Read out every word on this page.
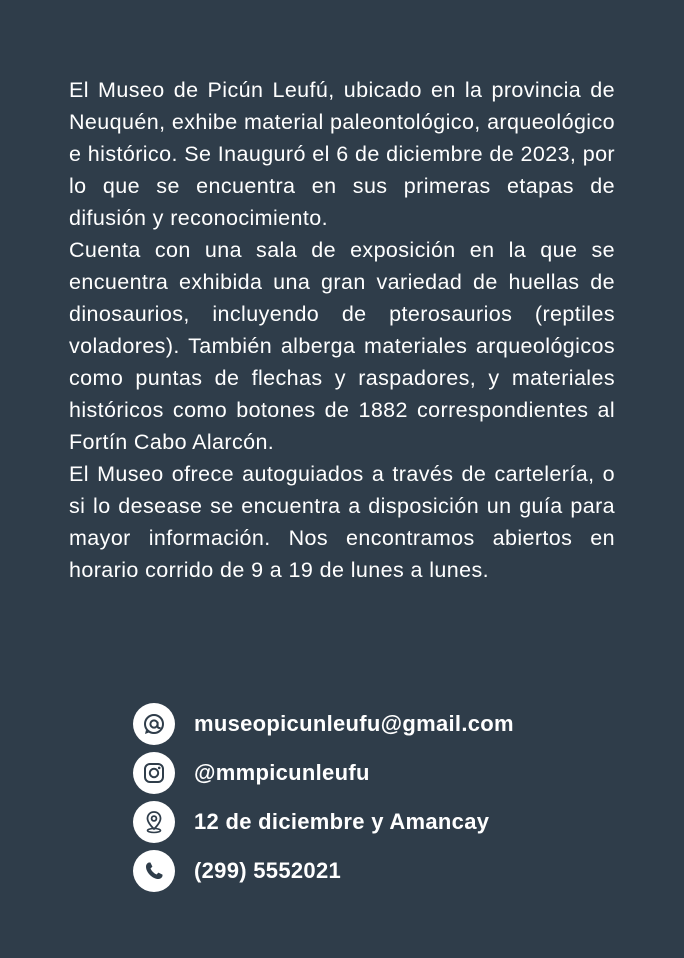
El Museo de Picún Leufú, ubicado en la provincia de Neuquén, exhibe material paleontológico, arqueológico e histórico. Se Inauguró el 6 de diciembre de 2023, por lo que se encuentra en sus primeras etapas de difusión y reconocimiento.

Cuenta con una sala de exposición en la que se encuentra exhibida una gran variedad de huellas de dinosaurios, incluyendo de pterosaurios (reptiles voladores). También alberga materiales arqueológicos como puntas de flechas y raspadores, y materiales históricos como botones de 1882 correspondientes al Fortín Cabo Alarcón.

El Museo ofrece autoguiados a través de cartelería, o si lo desease se encuentra a disposición un guía para mayor información. Nos encontramos abiertos en horario corrido de 9 a 19 de lunes a lunes.

museopicunleufu@gmail.com
@mmpicunleufu
12 de diciembre y Amancay
(299) 5552021
